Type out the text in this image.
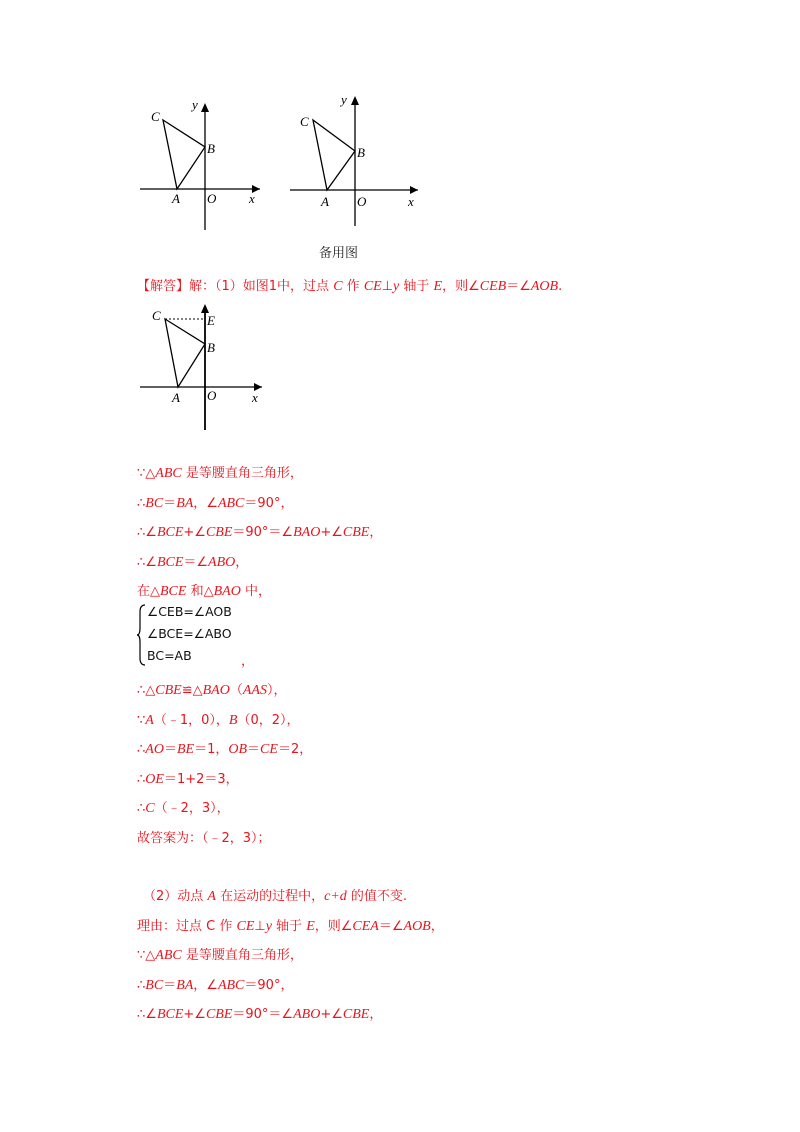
C
B
A O	x
y
C
B
A O	x
y
备用图
【解答】解：（1）如图1中，过点 C 作 CE⊥y 轴于 E，则∠CEB＝∠AOB.
C	E
B
A O	x
∵△ABC 是等腰直角三角形，
∴BC＝BA，∠ABC＝90°，
∴∠BCE+∠CBE＝90°＝∠BAO+∠CBE，
∴∠BCE＝∠ABO，
在△BCE 和△BAO 中，
∠CEB=∠AOB
∠BCE=∠ABO
BC=AB	，
∴△CBE≌△BAO（AAS），
∵A（﹣1，0），B（0，2），
∴AO＝BE＝1，OB＝CE＝2，
∴OE＝1+2＝3，
∴C（﹣2，3），
故答案为：（﹣2，3）；
（2）动点 A 在运动的过程中，c+d 的值不变.
理由：过点 C 作 CE⊥y 轴于 E，则∠CEA＝∠AOB，
∵△ABC 是等腰直角三角形，
∴BC＝BA，∠ABC＝90°，
∴∠BCE+∠CBE＝90°＝∠ABO+∠CBE，
